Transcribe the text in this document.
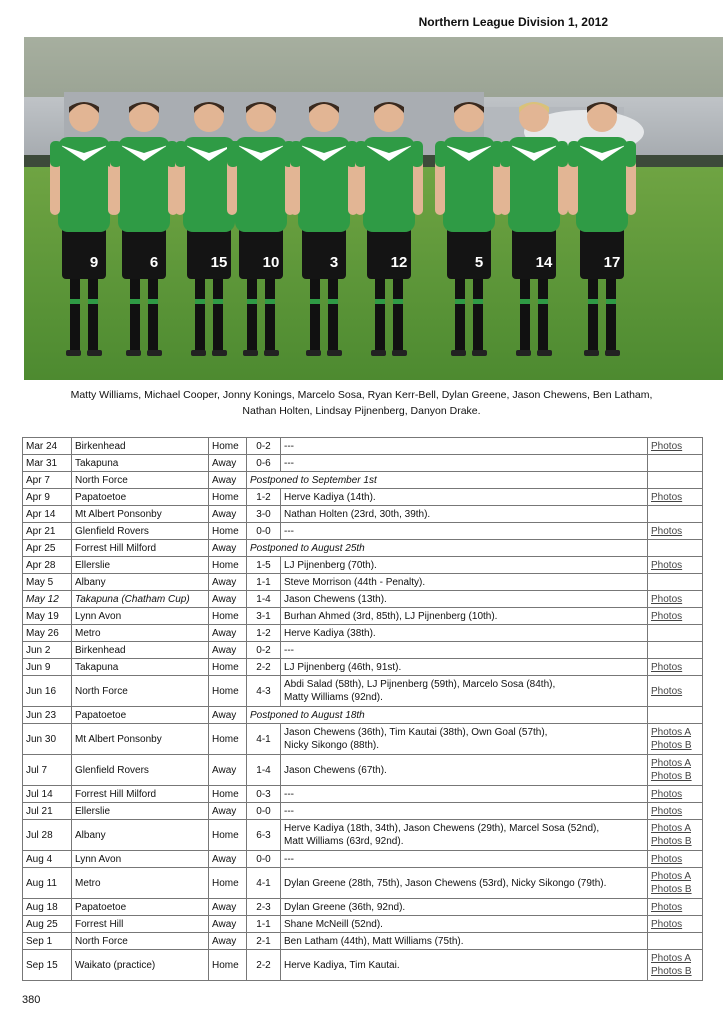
Northern League Division 1, 2012
9	6	15 10	3	12	5	14	17
Matty Williams, Michael Cooper, Jonny Konings, Marcelo Sosa, Ryan Kerr-Bell, Dylan Greene, Jason Chewens, Ben Latham,
Nathan Holten, Lindsay Pijnenberg, Danyon Drake.
Mar 24	Birkenhead	Home	0-2	---	Photos

Mar 31	Takapuna	Away	0-6	---	

Apr 7	North Force	Away	Postponed to September 1st		
Apr 9	Papatoetoe	Home	1-2	Herve Kadiya (14th).	Photos

Apr 14	Mt Albert Ponsonby	Away	3-0	Nathan Holten (23rd, 30th, 39th).	

Apr 21	Glenfield Rovers	Home	0-0	---	Photos

Apr 25	Forrest Hill Milford	Away	Postponed to August 25th		
Apr 28	Ellerslie	Home	1-5	LJ Pijnenberg (70th).	Photos

May 5	Albany	Away	1-1	Steve Morrison (44th - Penalty).	

May 12	Takapuna (Chatham Cup)	Away	1-4	Jason Chewens (13th).	Photos

May 19	Lynn Avon	Home	3-1	Burhan Ahmed (3rd, 85th), LJ Pijnenberg (10th).	Photos

May 26	Metro	Away	1-2	Herve Kadiya (38th).	

Jun 2	Birkenhead	Away	0-2	---	

Jun 9	Takapuna	Home	2-2	LJ Pijnenberg (46th, 91st).	Photos

Jun 16	North Force	Home	4-3	Abdi Salad (58th), LJ Pijnenberg (59th), Marcelo Sosa (84th),
Matty Williams (92nd).	Photos

Jun 23	Papatoetoe	Away	Postponed to August 18th		
Jun 30	Mt Albert Ponsonby	Home	4-1	Jason Chewens (36th), Tim Kautai (38th), Own Goal (57th),
Nicky Sikongo (88th).	Photos A
Photos B

Jul 7	Glenfield Rovers	Away	1-4	Jason Chewens (67th).	Photos A
Photos B

Jul 14	Forrest Hill Milford	Home	0-3	---	Photos

Jul 21	Ellerslie	Away	0-0	---	Photos

Jul 28	Albany	Home	6-3	Herve Kadiya (18th, 34th), Jason Chewens (29th), Marcel Sosa (52nd),
Matt Williams (63rd, 92nd).	Photos A
Photos B

Aug 4	Lynn Avon	Away	0-0	---	Photos

Aug 11	Metro	Home	4-1	Dylan Greene (28th, 75th), Jason Chewens (53rd), Nicky Sikongo (79th).	Photos A
Photos B

Aug 18	Papatoetoe	Away	2-3	Dylan Greene (36th, 92nd).	Photos

Aug 25	Forrest Hill	Away	1-1	Shane McNeill (52nd).	Photos

Sep 1	North Force	Away	2-1	Ben Latham (44th), Matt Williams (75th).	

Sep 15	Waikato (practice)	Home	2-2	Herve Kadiya, Tim Kautai.	Photos A
Photos B
380
